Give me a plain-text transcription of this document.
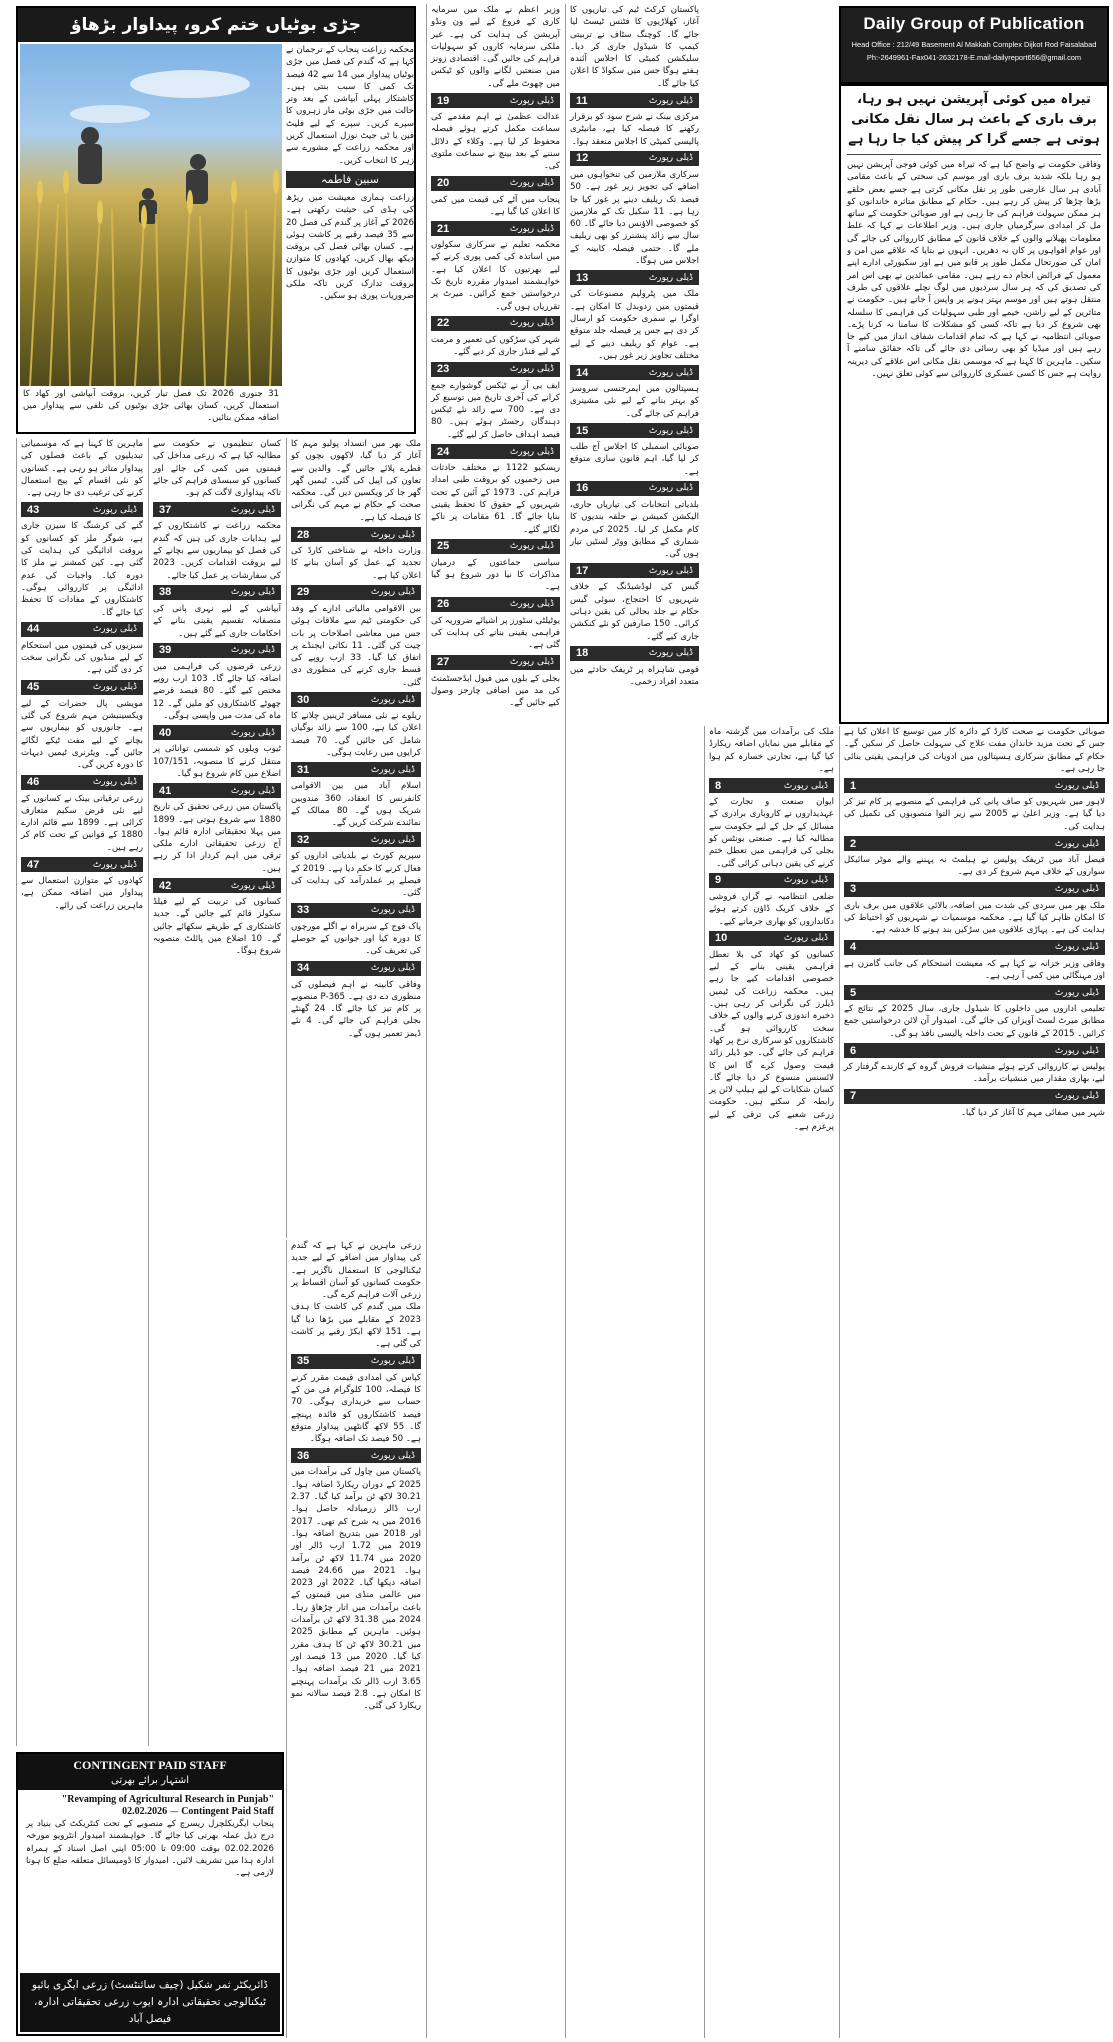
Daily Group of Publication
Head Office : 212/49 Basement Al Makkah Complex Dijkot Rod Faisalabad
Ph:-2649961-Fax041-2632178-E.mail-dailyreport656@gmail.com
تیراہ میں کوئی آپریشن نہیں ہو رہا، برف باری کے باعث ہر سال نقل مکانی ہوتی ہے جسے گرا کر پیش کیا جا رہا ہے

وفاقی حکومت نے واضح کیا ہے کہ تیراہ میں کوئی فوجی آپریشن نہیں ہو رہا بلکہ شدید برف باری اور موسم کی سختی کے باعث مقامی آبادی ہر سال عارضی طور پر نقل مکانی کرتی ہے جسے بعض حلقے بڑھا چڑھا کر پیش کر رہے ہیں۔ حکام کے مطابق متاثرہ خاندانوں کو ہر ممکن سہولت فراہم کی جا رہی ہے اور صوبائی حکومت کے ساتھ مل کر امدادی سرگرمیاں جاری ہیں۔ وزیر اطلاعات نے کہا کہ غلط معلومات پھیلانے والوں کے خلاف قانون کے مطابق کارروائی کی جائے گی اور عوام افواہوں پر کان نہ دھریں۔ انہوں نے بتایا کہ علاقے میں امن و امان کی صورتحال مکمل طور پر قابو میں ہے اور سکیورٹی ادارے اپنے معمول کے فرائض انجام دے رہے ہیں۔ مقامی عمائدین نے بھی اس امر کی تصدیق کی کہ ہر سال سردیوں میں لوگ نچلے علاقوں کی طرف منتقل ہوتے ہیں اور موسم بہتر ہونے پر واپس آ جاتے ہیں۔ حکومت نے متاثرین کے لیے راشن، خیمے اور طبی سہولیات کی فراہمی کا سلسلہ بھی شروع کر دیا ہے تاکہ کسی کو مشکلات کا سامنا نہ کرنا پڑے۔ صوبائی انتظامیہ نے کہا ہے کہ تمام اقدامات شفاف انداز میں کیے جا رہے ہیں اور میڈیا کو بھی رسائی دی جائے گی تاکہ حقائق سامنے آ سکیں۔ ماہرین کا کہنا ہے کہ موسمی نقل مکانی اس علاقے کی دیرینہ روایت ہے جس کا کسی عسکری کارروائی سے کوئی تعلق نہیں۔

جڑی بوٹیاں ختم کرو، پیداوار بڑھاؤ
31 جنوری 2026 تک فصل تیار کریں، بروقت آبپاشی اور کھاد کا استعمال کریں، کسان بھائی جڑی بوٹیوں کی تلفی سے پیداوار میں اضافہ ممکن بنائیں۔

محکمہ زراعت پنجاب کے ترجمان نے کہا ہے کہ گندم کی فصل میں جڑی بوٹیاں پیداوار میں 14 سے 42 فیصد تک کمی کا سبب بنتی ہیں۔ کاشتکار پہلی آبپاشی کے بعد وتر حالت میں جڑی بوٹی مار زہروں کا سپرے کریں۔ سپرے کے لیے فلیٹ فین یا ٹی جیٹ نوزل استعمال کریں اور محکمہ زراعت کے مشورے سے زہر کا انتخاب کریں۔

سبین فاطمہ

زراعت ہماری معیشت میں ریڑھ کی ہڈی کی حیثیت رکھتی ہے۔ 2026 کے آغاز پر گندم کی فصل 20 سے 35 فیصد رقبے پر کاشت ہوئی ہے۔ کسان بھائی فصل کی بروقت دیکھ بھال کریں، کھادوں کا متوازن استعمال کریں اور جڑی بوٹیوں کا بروقت تدارک کریں تاکہ ملکی ضروریات پوری ہو سکیں۔

صوبائی حکومت نے صحت کارڈ کے دائرہ کار میں توسیع کا اعلان کیا ہے جس کے تحت مزید خاندان مفت علاج کی سہولت حاصل کر سکیں گے۔ حکام کے مطابق سرکاری ہسپتالوں میں ادویات کی فراہمی یقینی بنائی جا رہی ہے۔

1	ڈیلی رپورٹ

لاہور میں شہریوں کو صاف پانی کی فراہمی کے منصوبے پر کام تیز کر دیا گیا ہے۔ وزیر اعلیٰ نے 2005 سے زیر التوا منصوبوں کی تکمیل کی ہدایت کی۔

2	ڈیلی رپورٹ

فیصل آباد میں ٹریفک پولیس نے ہیلمٹ نہ پہننے والے موٹر سائیکل سواروں کے خلاف مہم شروع کر دی ہے۔

3	ڈیلی رپورٹ

ملک بھر میں سردی کی شدت میں اضافہ، بالائی علاقوں میں برف باری کا امکان ظاہر کیا گیا ہے۔ محکمہ موسمیات نے شہریوں کو احتیاط کی ہدایت کی ہے۔ پہاڑی علاقوں میں سڑکیں بند ہونے کا خدشہ ہے۔

4	ڈیلی رپورٹ

وفاقی وزیر خزانہ نے کہا ہے کہ معیشت استحکام کی جانب گامزن ہے اور مہنگائی میں کمی آ رہی ہے۔

5	ڈیلی رپورٹ

تعلیمی اداروں میں داخلوں کا شیڈول جاری، سال 2025 کے نتائج کے مطابق میرٹ لسٹ آویزاں کی جائے گی۔ امیدوار آن لائن درخواستیں جمع کرائیں۔ 2015 کے قانون کے تحت داخلہ پالیسی نافذ ہو گی۔

6	ڈیلی رپورٹ

پولیس نے کارروائی کرتے ہوئے منشیات فروش گروہ کے کارندے گرفتار کر لیے، بھاری مقدار میں منشیات برآمد۔

7	ڈیلی رپورٹ

شہر میں صفائی مہم کا آغاز کر دیا گیا۔

ملک کی برآمدات میں گزشتہ ماہ کے مقابلے میں نمایاں اضافہ ریکارڈ کیا گیا ہے، تجارتی خسارہ کم ہوا ہے۔

8	ڈیلی رپورٹ

ایوان صنعت و تجارت کے عہدیداروں نے کاروباری برادری کے مسائل کے حل کے لیے حکومت سے مطالبہ کیا ہے۔ صنعتی یونٹس کو بجلی کی فراہمی میں تعطل ختم کرنے کی یقین دہانی کرائی گئی۔

9	ڈیلی رپورٹ

ضلعی انتظامیہ نے گراں فروشی کے خلاف کریک ڈاؤن کرتے ہوئے دکانداروں کو بھاری جرمانے کیے۔

10	ڈیلی رپورٹ

کسانوں کو کھاد کی بلا تعطل فراہمی یقینی بنانے کے لیے خصوصی اقدامات کیے جا رہے ہیں۔ محکمہ زراعت کی ٹیمیں ڈیلرز کی نگرانی کر رہی ہیں۔ ذخیرہ اندوزی کرنے والوں کے خلاف سخت کارروائی ہو گی۔ کاشتکاروں کو سرکاری نرخ پر کھاد فراہم کی جائے گی۔ جو ڈیلر زائد قیمت وصول کرے گا اس کا لائسنس منسوخ کر دیا جائے گا۔ کسان شکایات کے لیے ہیلپ لائن پر رابطہ کر سکتے ہیں۔ حکومت زرعی شعبے کی ترقی کے لیے پرعزم ہے۔

پاکستان کرکٹ ٹیم کی تیاریوں کا آغاز، کھلاڑیوں کا فٹنس ٹیسٹ لیا جائے گا۔ کوچنگ سٹاف نے تربیتی کیمپ کا شیڈول جاری کر دیا۔ سلیکشن کمیٹی کا اجلاس آئندہ ہفتے ہوگا جس میں سکواڈ کا اعلان کیا جائے گا۔

11	ڈیلی رپورٹ

مرکزی بینک نے شرح سود کو برقرار رکھنے کا فیصلہ کیا ہے، مانیٹری پالیسی کمیٹی کا اجلاس منعقد ہوا۔

12	ڈیلی رپورٹ

سرکاری ملازمین کی تنخواہوں میں اضافے کی تجویز زیر غور ہے۔ 50 فیصد تک ریلیف دینے پر غور کیا جا رہا ہے۔ 11 سکیل تک کے ملازمین کو خصوصی الاؤنس دیا جائے گا۔ 60 سال سے زائد پنشنرز کو بھی ریلیف ملے گا۔ حتمی فیصلہ کابینہ کے اجلاس میں ہوگا۔

13	ڈیلی رپورٹ

ملک میں پٹرولیم مصنوعات کی قیمتوں میں ردوبدل کا امکان ہے۔ اوگرا نے سمری حکومت کو ارسال کر دی ہے جس پر فیصلہ جلد متوقع ہے۔ عوام کو ریلیف دینے کے لیے مختلف تجاویز زیر غور ہیں۔

14	ڈیلی رپورٹ

ہسپتالوں میں ایمرجنسی سروسز کو بہتر بنانے کے لیے نئی مشینری فراہم کی جائے گی۔

15	ڈیلی رپورٹ

صوبائی اسمبلی کا اجلاس آج طلب کر لیا گیا، اہم قانون سازی متوقع ہے۔

16	ڈیلی رپورٹ

بلدیاتی انتخابات کی تیاریاں جاری، الیکشن کمیشن نے حلقہ بندیوں کا کام مکمل کر لیا۔ 2025 کی مردم شماری کے مطابق ووٹر لسٹیں تیار ہوں گی۔

17	ڈیلی رپورٹ

گیس کی لوڈشیڈنگ کے خلاف شہریوں کا احتجاج، سوئی گیس حکام نے جلد بحالی کی یقین دہانی کرائی۔ 150 صارفین کو نئے کنکشن جاری کیے گئے۔

18	ڈیلی رپورٹ

قومی شاہراہ پر ٹریفک حادثے میں متعدد افراد زخمی۔

وزیر اعظم نے ملک میں سرمایہ کاری کے فروغ کے لیے ون ونڈو آپریشن کی ہدایت کی ہے۔ غیر ملکی سرمایہ کاروں کو سہولیات فراہم کی جائیں گی۔ اقتصادی زونز میں صنعتیں لگانے والوں کو ٹیکس میں چھوٹ ملے گی۔

19	ڈیلی رپورٹ

عدالت عظمیٰ نے اہم مقدمے کی سماعت مکمل کرتے ہوئے فیصلہ محفوظ کر لیا ہے۔ وکلاء کے دلائل سننے کے بعد بینچ نے سماعت ملتوی کی۔

20	ڈیلی رپورٹ

پنجاب میں آٹے کی قیمت میں کمی کا اعلان کیا گیا ہے۔

21	ڈیلی رپورٹ

محکمہ تعلیم نے سرکاری سکولوں میں اساتذہ کی کمی پوری کرنے کے لیے بھرتیوں کا اعلان کیا ہے۔ خواہشمند امیدوار مقررہ تاریخ تک درخواستیں جمع کرائیں۔ میرٹ پر تقرریاں ہوں گی۔

22	ڈیلی رپورٹ

شہر کی سڑکوں کی تعمیر و مرمت کے لیے فنڈز جاری کر دیے گئے۔

23	ڈیلی رپورٹ

ایف بی آر نے ٹیکس گوشوارے جمع کرانے کی آخری تاریخ میں توسیع کر دی ہے۔ 700 سے زائد نئے ٹیکس دہندگان رجسٹر ہوئے ہیں۔ 80 فیصد اہداف حاصل کر لیے گئے۔

24	ڈیلی رپورٹ

ریسکیو 1122 نے مختلف حادثات میں زخمیوں کو بروقت طبی امداد فراہم کی۔ 1973 کے آئین کے تحت شہریوں کے حقوق کا تحفظ یقینی بنایا جائے گا۔ 61 مقامات پر ناکے لگائے گئے۔

25	ڈیلی رپورٹ

سیاسی جماعتوں کے درمیان مذاکرات کا نیا دور شروع ہو گیا ہے۔

26	ڈیلی رپورٹ

یوٹیلٹی سٹورز پر اشیائے ضروریہ کی فراہمی یقینی بنانے کی ہدایت کی گئی ہے۔

27	ڈیلی رپورٹ

بجلی کے بلوں میں فیول ایڈجسٹمنٹ کی مد میں اضافی چارجز وصول کیے جائیں گے۔

ملک بھر میں انسداد پولیو مہم کا آغاز کر دیا گیا، لاکھوں بچوں کو قطرے پلائے جائیں گے۔ والدین سے تعاون کی اپیل کی گئی۔ ٹیمیں گھر گھر جا کر ویکسین دیں گی۔ محکمہ صحت کے حکام نے مہم کی نگرانی کا فیصلہ کیا ہے۔

28	ڈیلی رپورٹ

وزارت داخلہ نے شناختی کارڈ کی تجدید کے عمل کو آسان بنانے کا اعلان کیا ہے۔

29	ڈیلی رپورٹ

بین الاقوامی مالیاتی ادارے کے وفد کی حکومتی ٹیم سے ملاقات ہوئی جس میں معاشی اصلاحات پر بات چیت کی گئی۔ 11 نکاتی ایجنڈے پر اتفاق کیا گیا۔ 33 ارب روپے کی قسط جاری کرنے کی منظوری دی گئی۔

30	ڈیلی رپورٹ

ریلوے نے نئی مسافر ٹرینیں چلانے کا اعلان کیا ہے، 100 سے زائد بوگیاں شامل کی جائیں گی۔ 70 فیصد کرایوں میں رعایت ہوگی۔

31	ڈیلی رپورٹ

اسلام آباد میں بین الاقوامی کانفرنس کا انعقاد، 360 مندوبین شریک ہوں گے۔ 80 ممالک کے نمائندے شرکت کریں گے۔

32	ڈیلی رپورٹ

سپریم کورٹ نے بلدیاتی اداروں کو فعال کرنے کا حکم دیا ہے۔ 2019 کے فیصلے پر عملدرآمد کی ہدایت کی گئی۔

33	ڈیلی رپورٹ

پاک فوج کے سربراہ نے اگلے مورچوں کا دورہ کیا اور جوانوں کے حوصلے کی تعریف کی۔

34	ڈیلی رپورٹ

وفاقی کابینہ نے اہم فیصلوں کی منظوری دے دی ہے۔ P-365 منصوبے پر کام تیز کیا جائے گا۔ 24 گھنٹے بجلی فراہم کی جائے گی۔ 4 نئے ڈیمز تعمیر ہوں گے۔

زرعی ماہرین نے کہا ہے کہ گندم کی پیداوار میں اضافے کے لیے جدید ٹیکنالوجی کا استعمال ناگزیر ہے۔ حکومت کسانوں کو آسان اقساط پر زرعی آلات فراہم کرے گی۔

ملک میں گندم کی کاشت کا ہدف 2023 کے مقابلے میں بڑھا دیا گیا ہے۔ 151 لاکھ ایکڑ رقبے پر کاشت کی گئی ہے۔

35	ڈیلی رپورٹ

کپاس کی امدادی قیمت مقرر کرنے کا فیصلہ، 100 کلوگرام فی من کے حساب سے خریداری ہوگی۔ 70 فیصد کاشتکاروں کو فائدہ پہنچے گا۔ 55 لاکھ گانٹھیں پیداوار متوقع ہے۔ 50 فیصد تک اضافہ ہوگا۔

36	ڈیلی رپورٹ

پاکستان میں چاول کی برآمدات میں 2025 کے دوران ریکارڈ اضافہ ہوا۔ 30.21 لاکھ ٹن برآمد کیا گیا۔ 2.37 ارب ڈالر زرمبادلہ حاصل ہوا۔ 2016 میں یہ شرح کم تھی۔ 2017 اور 2018 میں بتدریج اضافہ ہوا۔ 2019 میں 1.72 ارب ڈالر اور 2020 میں 11.74 لاکھ ٹن برآمد ہوا۔ 2021 میں 24.66 فیصد اضافہ دیکھا گیا۔ 2022 اور 2023 میں عالمی منڈی میں قیمتوں کے باعث برآمدات میں اتار چڑھاؤ رہا۔ 2024 میں 31.38 لاکھ ٹن برآمدات ہوئیں۔ ماہرین کے مطابق 2025 میں 30.21 لاکھ ٹن کا ہدف مقرر کیا گیا۔ 2020 میں 13 فیصد اور 2021 میں 21 فیصد اضافہ ہوا۔ 3.65 ارب ڈالر تک برآمدات پہنچنے کا امکان ہے۔ 2.8 فیصد سالانہ نمو ریکارڈ کی گئی۔

کسان تنظیموں نے حکومت سے مطالبہ کیا ہے کہ زرعی مداخل کی قیمتوں میں کمی کی جائے اور کسانوں کو سبسڈی فراہم کی جائے تاکہ پیداواری لاگت کم ہو۔

37	ڈیلی رپورٹ

محکمہ زراعت نے کاشتکاروں کے لیے ہدایات جاری کی ہیں کہ گندم کی فصل کو بیماریوں سے بچانے کے لیے بروقت اقدامات کریں۔ 2023 کی سفارشات پر عمل کیا جائے۔

38	ڈیلی رپورٹ

آبپاشی کے لیے نہری پانی کی منصفانہ تقسیم یقینی بنانے کے احکامات جاری کیے گئے ہیں۔

39	ڈیلی رپورٹ

زرعی قرضوں کی فراہمی میں اضافہ کیا جائے گا۔ 103 ارب روپے مختص کیے گئے۔ 80 فیصد قرضے چھوٹے کاشتکاروں کو ملیں گے۔ 12 ماہ کی مدت میں واپسی ہوگی۔

40	ڈیلی رپورٹ

ٹیوب ویلوں کو شمسی توانائی پر منتقل کرنے کا منصوبہ، 107/151 اضلاع میں کام شروع ہو گیا۔

41	ڈیلی رپورٹ

پاکستان میں زرعی تحقیق کی تاریخ 1880 سے شروع ہوتی ہے۔ 1899 میں پہلا تحقیقاتی ادارہ قائم ہوا۔ آج زرعی تحقیقاتی ادارے ملکی ترقی میں اہم کردار ادا کر رہے ہیں۔

42	ڈیلی رپورٹ

کسانوں کی تربیت کے لیے فیلڈ سکولز قائم کیے جائیں گے۔ جدید کاشتکاری کے طریقے سکھائے جائیں گے۔ 10 اضلاع میں پائلٹ منصوبہ شروع ہوگا۔

ماہرین کا کہنا ہے کہ موسمیاتی تبدیلیوں کے باعث فصلوں کی پیداوار متاثر ہو رہی ہے۔ کسانوں کو نئی اقسام کے بیج استعمال کرنے کی ترغیب دی جا رہی ہے۔

43	ڈیلی رپورٹ

گنے کی کرشنگ کا سیزن جاری ہے، شوگر ملز کو کسانوں کو بروقت ادائیگی کی ہدایت کی گئی ہے۔ کین کمشنر نے ملز کا دورہ کیا۔ واجبات کی عدم ادائیگی پر کارروائی ہوگی۔ کاشتکاروں کے مفادات کا تحفظ کیا جائے گا۔

44	ڈیلی رپورٹ

سبزیوں کی قیمتوں میں استحکام کے لیے منڈیوں کی نگرانی سخت کر دی گئی ہے۔

45	ڈیلی رپورٹ

مویشی پال حضرات کے لیے ویکسینیشن مہم شروع کی گئی ہے۔ جانوروں کو بیماریوں سے بچانے کے لیے مفت ٹیکے لگائے جائیں گے۔ ویٹرنری ٹیمیں دیہات کا دورہ کریں گی۔

46	ڈیلی رپورٹ

زرعی ترقیاتی بینک نے کسانوں کے لیے نئی قرض سکیم متعارف کرائی ہے۔ 1899 سے قائم ادارے 1880 کے قوانین کے تحت کام کر رہے ہیں۔

47	ڈیلی رپورٹ

کھادوں کے متوازن استعمال سے پیداوار میں اضافہ ممکن ہے، ماہرین زراعت کی رائے۔

CONTINGENT PAID STAFF
اشتہار برائے بھرتی
"Revamping of Agricultural Research in Punjab"
Contingent Paid Staff — 02.02.2026

پنجاب ایگریکلچرل ریسرچ کے منصوبے کے تحت کنٹریکٹ کی بنیاد پر درج ذیل عملہ بھرتی کیا جائے گا۔ خواہشمند امیدوار انٹرویو مورخہ 02.02.2026 بوقت 09:00 تا 05:00 اپنی اصل اسناد کے ہمراہ ادارہ ہذا میں تشریف لائیں۔ امیدوار کا ڈومیسائل متعلقہ ضلع کا ہونا لازمی ہے۔

ڈائریکٹر ثمر شکیل (چیف سائنٹسٹ) زرعی ایگری بائیو ٹیکنالوجی تحقیقاتی ادارہ ایوب زرعی تحقیقاتی ادارہ، فیصل آباد
